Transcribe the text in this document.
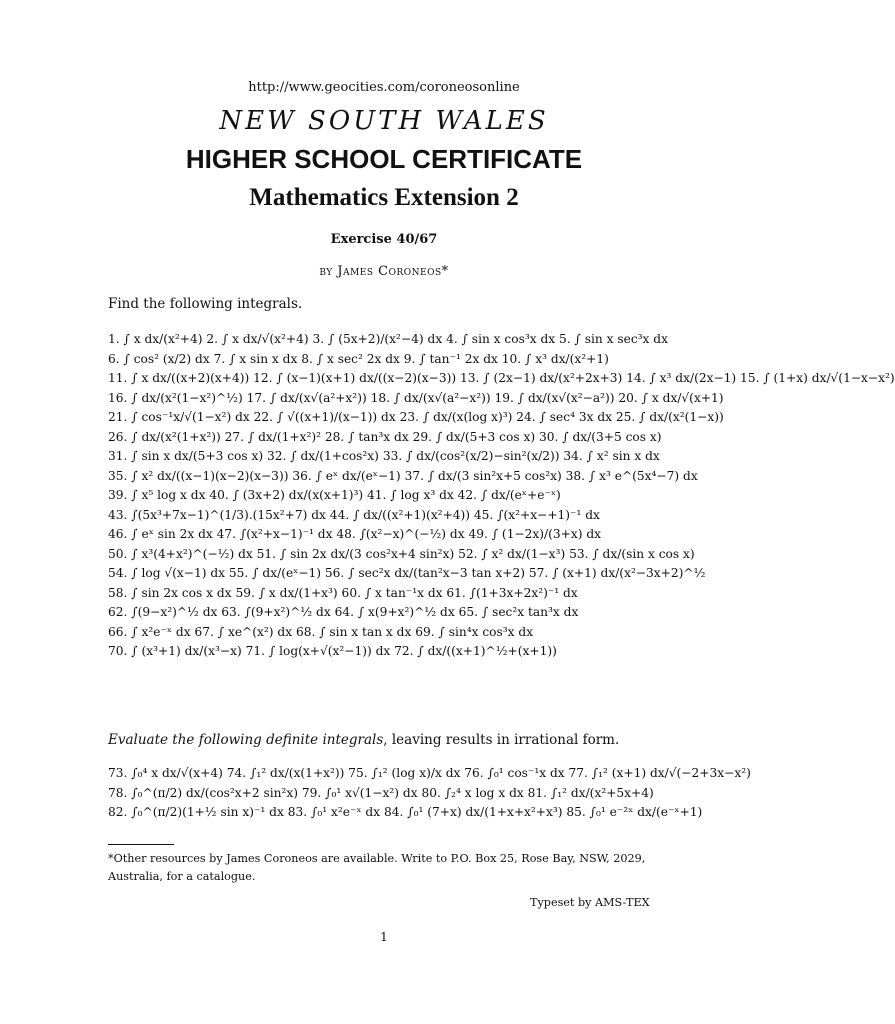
http://www.geocities.com/coroneosonline
NEW SOUTH WALES
HIGHER SCHOOL CERTIFICATE
Mathematics Extension 2
Exercise 40/67
by James Coroneos*
Find the following integrals.
1. ∫ x dx/(x²+4) 2. ∫ x dx/√(x²+4) 3. ∫ (5x+2)/(x²−4) dx 4. ∫ sin x cos³x dx 5. ∫ sin x sec³x dx
6. ∫ cos² (x/2) dx 7. ∫ x sin x dx 8. ∫ x sec² 2x dx 9. ∫ tan⁻¹ 2x dx 10. ∫ x³ dx/(x²+1)
11. ∫ x dx/((x+2)(x+4)) 12. ∫ (x−1)(x+1) dx/((x−2)(x−3)) 13. ∫ (2x−1) dx/(x²+2x+3) 14. ∫ x³ dx/(2x−1) 15. ∫ (1+x) dx/√(1−x−x²)
16. ∫ dx/(x²(1−x²)^½) 17. ∫ dx/(x√(a²+x²)) 18. ∫ dx/(x√(a²−x²)) 19. ∫ dx/(x√(x²−a²)) 20. ∫ x dx/√(x+1)
21. ∫ cos⁻¹x/√(1−x²) dx 22. ∫ √((x+1)/(x−1)) dx 23. ∫ dx/(x(log x)³) 24. ∫ sec⁴ 3x dx 25. ∫ dx/(x²(1−x))
26. ∫ dx/(x²(1+x²)) 27. ∫ dx/(1+x²)² 28. ∫ tan³x dx 29. ∫ dx/(5+3 cos x) 30. ∫ dx/(3+5 cos x)
31. ∫ sin x dx/(5+3 cos x) 32. ∫ dx/(1+cos²x) 33. ∫ dx/(cos²(x/2)−sin²(x/2)) 34. ∫ x² sin x dx
35. ∫ x² dx/((x−1)(x−2)(x−3)) 36. ∫ eˣ dx/(eˣ−1) 37. ∫ dx/(3 sin²x+5 cos²x) 38. ∫ x³ e^(5x⁴−7) dx
39. ∫ x⁵ log x dx 40. ∫ (3x+2) dx/(x(x+1)³) 41. ∫ log x³ dx 42. ∫ dx/(eˣ+e⁻ˣ)
43. ∫(5x³+7x−1)^(1/3).(15x²+7) dx 44. ∫ dx/((x²+1)(x²+4)) 45. ∫(x²+x−+1)⁻¹ dx
46. ∫ eˣ sin 2x dx 47. ∫(x²+x−1)⁻¹ dx 48. ∫(x²−x)^(−½) dx 49. ∫ (1−2x)/(3+x) dx
50. ∫ x³(4+x²)^(−½) dx 51. ∫ sin 2x dx/(3 cos²x+4 sin²x) 52. ∫ x² dx/(1−x³) 53. ∫ dx/(sin x cos x)
54. ∫ log √(x−1) dx 55. ∫ dx/(eˣ−1) 56. ∫ sec²x dx/(tan²x−3 tan x+2) 57. ∫ (x+1) dx/(x²−3x+2)^½
58. ∫ sin 2x cos x dx 59. ∫ x dx/(1+x³) 60. ∫ x tan⁻¹x dx 61. ∫(1+3x+2x²)⁻¹ dx
62. ∫(9−x²)^½ dx 63. ∫(9+x²)^½ dx 64. ∫ x(9+x²)^½ dx 65. ∫ sec²x tan³x dx
66. ∫ x²e⁻ˣ dx 67. ∫ xe^(x²) dx 68. ∫ sin x tan x dx 69. ∫ sin⁴x cos³x dx
70. ∫ (x³+1) dx/(x³−x) 71. ∫ log(x+√(x²−1)) dx 72. ∫ dx/((x+1)^½+(x+1))
Evaluate the following definite integrals, leaving results in irrational form.
73. ∫₀⁴ x dx/√(x+4) 74. ∫₁² dx/(x(1+x²)) 75. ∫₁² (log x)/x dx 76. ∫₀¹ cos⁻¹x dx 77. ∫₁² (x+1) dx/√(−2+3x−x²)
78. ∫₀^(π/2) dx/(cos²x+2 sin²x) 79. ∫₀¹ x√(1−x²) dx 80. ∫₂⁴ x log x dx 81. ∫₁² dx/(x²+5x+4)
82. ∫₀^(π/2)(1+½ sin x)⁻¹ dx 83. ∫₀¹ x²e⁻ˣ dx 84. ∫₀¹ (7+x) dx/(1+x+x²+x³) 85. ∫₀¹ e⁻²ˣ dx/(e⁻ˣ+1)
*Other resources by James Coroneos are available. Write to P.O. Box 25, Rose Bay, NSW, 2029, Australia, for a catalogue.
Typeset by AMS-TEX
1
